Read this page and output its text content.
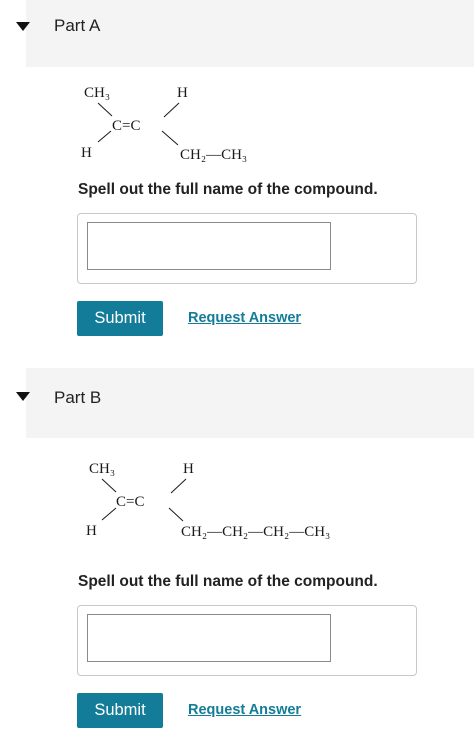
Part A
CH₃	H
C=C
H	CH₂—CH₃
Spell out the full name of the compound.
Submit	Request Answer
Part B
CH₃	H
C=C
H	CH₂—CH₂—CH₂—CH₃
Spell out the full name of the compound.
Submit	Request Answer
